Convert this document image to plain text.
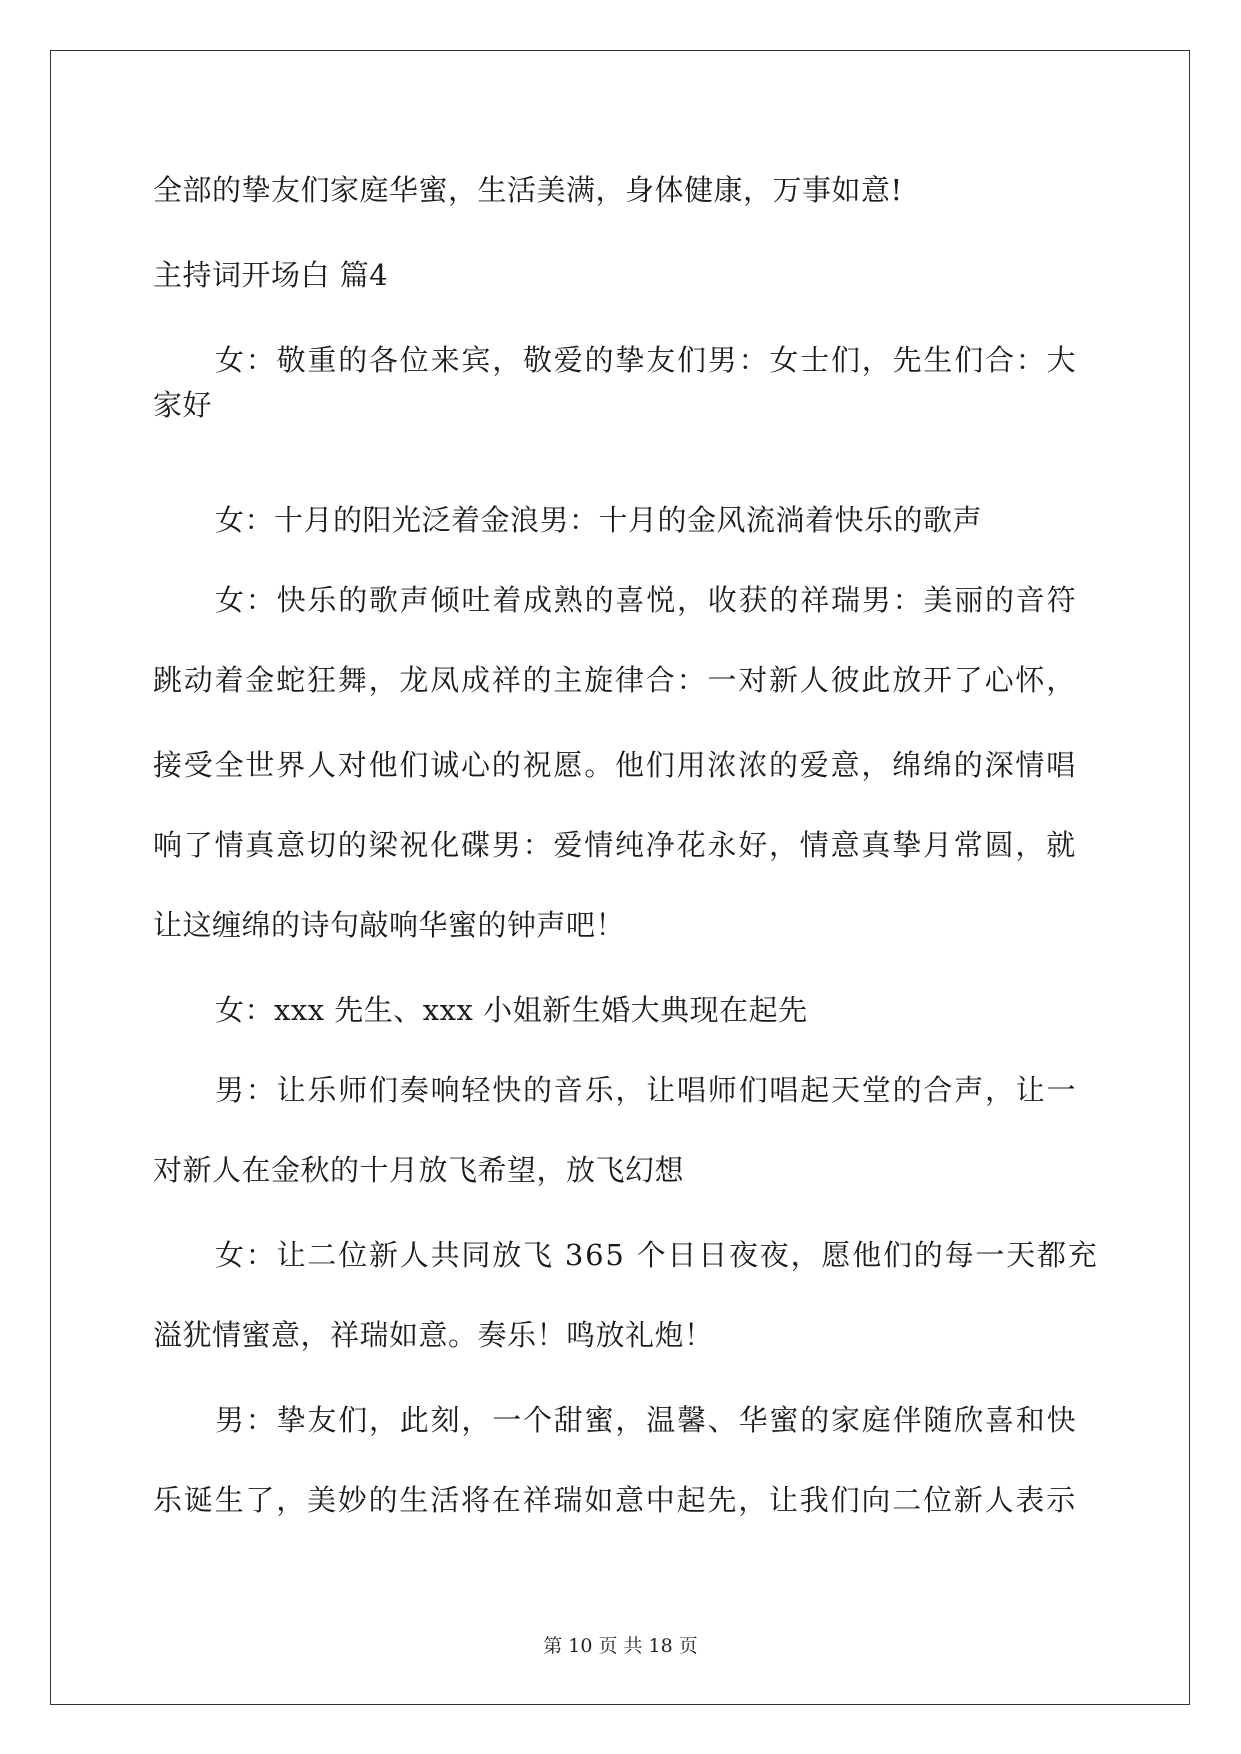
全部的挚友们家庭华蜜，生活美满，身体健康，万事如意!
主持词开场白 篇4
女：敬重的各位来宾，敬爱的挚友们男：女士们，先生们合：大
家好
女：十月的阳光泛着金浪男：十月的金风流淌着快乐的歌声
女：快乐的歌声倾吐着成熟的喜悦，收获的祥瑞男：美丽的音符
跳动着金蛇狂舞，龙凤成祥的主旋律合：一对新人彼此放开了心怀，
接受全世界人对他们诚心的祝愿。他们用浓浓的爱意，绵绵的深情唱
响了情真意切的梁祝化碟男：爱情纯净花永好，情意真挚月常圆，就
让这缠绵的诗句敲响华蜜的钟声吧！
女：xxx 先生、xxx 小姐新生婚大典现在起先
男：让乐师们奏响轻快的音乐，让唱师们唱起天堂的合声，让一
对新人在金秋的十月放飞希望，放飞幻想
女：让二位新人共同放飞 365 个日日夜夜，愿他们的每一天都充
溢犹情蜜意，祥瑞如意。奏乐！鸣放礼炮！
男：挚友们，此刻，一个甜蜜，温馨、华蜜的家庭伴随欣喜和快
乐诞生了，美妙的生活将在祥瑞如意中起先，让我们向二位新人表示
第 10 页 共 18 页
